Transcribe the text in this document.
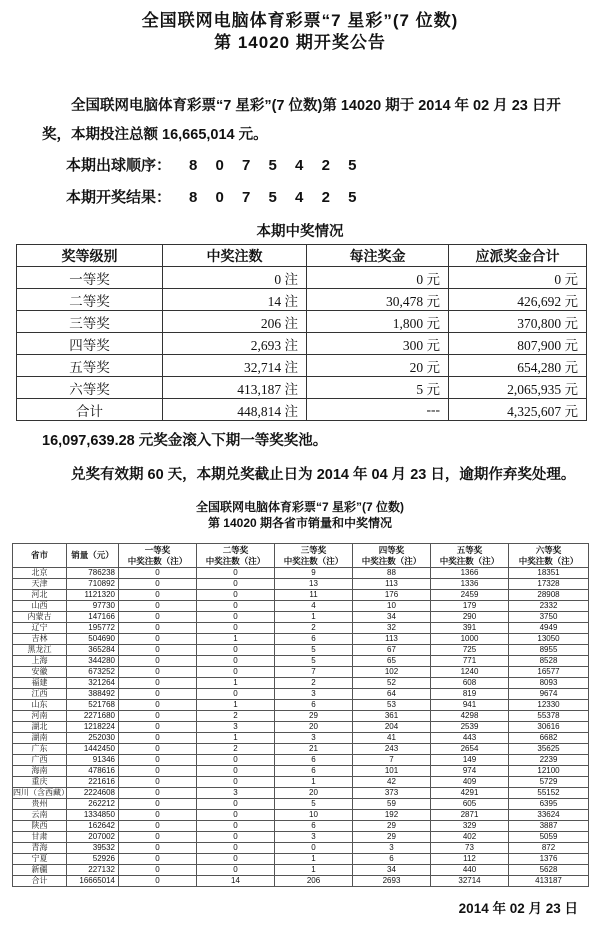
全国联网电脑体育彩票“7 星彩”(7 位数)
第 14020 期开奖公告

全国联网电脑体育彩票“7 星彩”(7 位数)第 14020 期于 2014 年 02 月 23 日开奖，本期投注总额 16,665,014 元。

本期出球顺序： 8 0 7 5 4 2 5
本期开奖结果： 8 0 7 5 4 2 5
本期中奖情况
奖等级别	中奖注数	每注奖金	应派奖金合计
一等奖	0 注	0 元	0 元
二等奖	14 注	30,478 元	426,692 元
三等奖	206 注	1,800 元	370,800 元
四等奖	2,693 注	300 元	807,900 元
五等奖	32,714 注	20 元	654,280 元
六等奖	413,187 注	5 元	2,065,935 元
合计	448,814 注	---	4,325,607 元

16,097,639.28 元奖金滚入下期一等奖奖池。

兑奖有效期 60 天，本期兑奖截止日为 2014 年 04 月 23 日，逾期作弃奖处理。

全国联网电脑体育彩票“7 星彩”(7 位数)
第 14020 期各省市销量和中奖情况
省市	销量（元）	
一等奖
中奖注数（注）

二等奖
中奖注数（注）

三等奖
中奖注数（注）

四等奖
中奖注数（注）

五等奖
中奖注数（注）

六等奖
中奖注数（注）

北京	786238	0	0	9	88	1366	18351
天津	710892	0	0	13	113	1336	17328
河北	1121320	0	0	11	176	2459	28908
山西	97730	0	0	4	10	179	2332
内蒙古	147166	0	0	1	34	290	3750
辽宁	195772	0	0	2	32	391	4949
吉林	504690	0	1	6	113	1000	13050
黑龙江	365284	0	0	5	67	725	8955
上海	344280	0	0	5	65	771	8528
安徽	673252	0	0	7	102	1240	16577
福建	321264	0	1	2	52	608	8093
江西	388492	0	0	3	64	819	9674
山东	521768	0	1	6	53	941	12330
河南	2271680	0	2	29	361	4298	55378
湖北	1218224	0	3	20	204	2539	30616
湖南	252030	0	1	3	41	443	6682
广东	1442450	0	2	21	243	2654	35625
广西	91346	0	0	6	7	149	2239
海南	478616	0	0	6	101	974	12100
重庆	221616	0	0	1	42	409	5729
四川（含西藏）	2224608	0	3	20	373	4291	55152
贵州	262212	0	0	5	59	605	6395
云南	1334850	0	0	10	192	2871	33624
陕西	162642	0	0	6	29	329	3887
甘肃	207002	0	0	3	29	402	5059
青海	39532	0	0	0	3	73	872
宁夏	52926	0	0	1	6	112	1376
新疆	227132	0	0	1	34	440	5628
合计	16665014	0	14	206	2693	32714	413187
2014 年 02 月 23 日
